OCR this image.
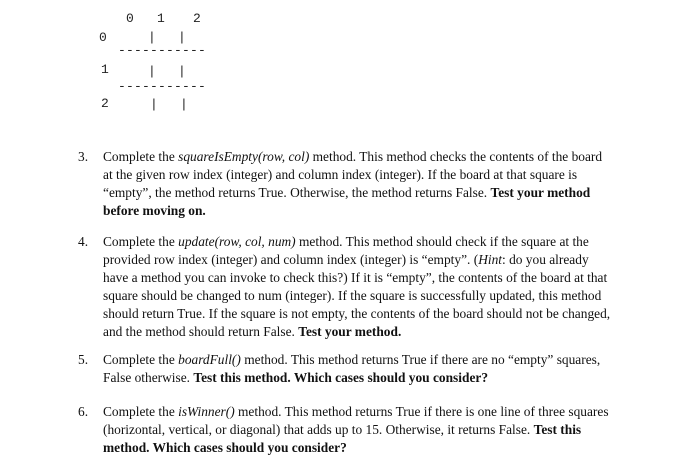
0 1 2
0	| |
-----------
1	| |
-----------
2	| |
3. Complete the squareIsEmpty(row, col) method. This method checks the contents of the board at the given row index (integer) and column index (integer). If the board at that square is “empty”, the method returns True. Otherwise, the method returns False. Test your method before moving on.
4. Complete the update(row, col, num) method. This method should check if the square at the provided row index (integer) and column index (integer) is “empty”. (Hint: do you already have a method you can invoke to check this?) If it is “empty”, the contents of the board at that square should be changed to num (integer). If the square is successfully updated, this method should return True. If the square is not empty, the contents of the board should not be changed, and the method should return False. Test your method.
5. Complete the boardFull() method. This method returns True if there are no “empty” squares, False otherwise. Test this method. Which cases should you consider?
6. Complete the isWinner() method. This method returns True if there is one line of three squares (horizontal, vertical, or diagonal) that adds up to 15. Otherwise, it returns False. Test this method. Which cases should you consider?
